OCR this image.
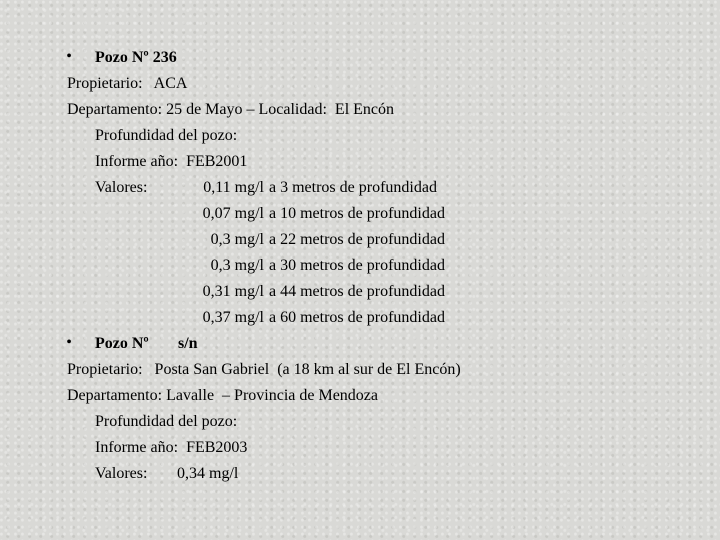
• Pozo Nº 236
Propietario:   ACA
Departamento: 25 de Mayo – Localidad:  El Encón
Profundidad del pozo:
Informe año:  FEB2001
Valores:	0,11 mg/l a 3 metros de profundidad
0,07 mg/l a 10 metros de profundidad
0,3 mg/l a 22 metros de profundidad
0,3 mg/l a 30 metros de profundidad
0,31 mg/l a 44 metros de profundidad
0,37 mg/l a 60 metros de profundidad
• Pozo Nº s/n
Propietario:   Posta San Gabriel  (a 18 km al sur de El Encón)
Departamento: Lavalle  – Provincia de Mendoza
Profundidad del pozo:
Informe año:  FEB2003
Valores: 0,34 mg/l
